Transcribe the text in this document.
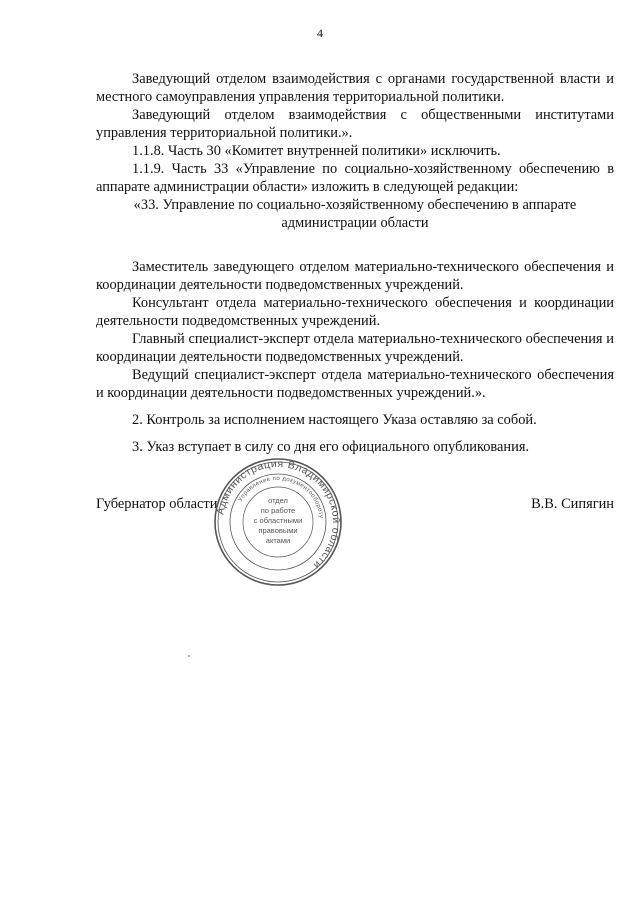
4

Заведующий отделом взаимодействия с органами государственной власти и местного самоуправления управления территориальной политики.

Заведующий отделом взаимодействия с общественными институтами управления территориальной политики.».

1.1.8. Часть 30 «Комитет внутренней политики» исключить.

1.1.9. Часть 33 «Управление по социально-хозяйственному обеспечению в аппарате администрации области» изложить в следующей редакции:

«33. Управление по социально-хозяйственному обеспечению в аппарате администрации области

Заместитель заведующего отделом материально-технического обеспечения и координации деятельности подведомственных учреждений.

Консультант отдела материально-технического обеспечения и координации деятельности подведомственных учреждений.

Главный специалист-эксперт отдела материально-технического обеспечения и координации деятельности подведомственных учреждений.

Ведущий специалист-эксперт отдела материально-технического обеспечения и координации деятельности подведомственных учреждений.».

2. Контроль за исполнением настоящего Указа оставляю за собой.

3. Указ вступает в силу со дня его официального опубликования.

Губернатор области	В.В. Сипягин
Администрация Владимирской области
Управление по документообороту
отдел
по работе
с областными
правовыми
актами
